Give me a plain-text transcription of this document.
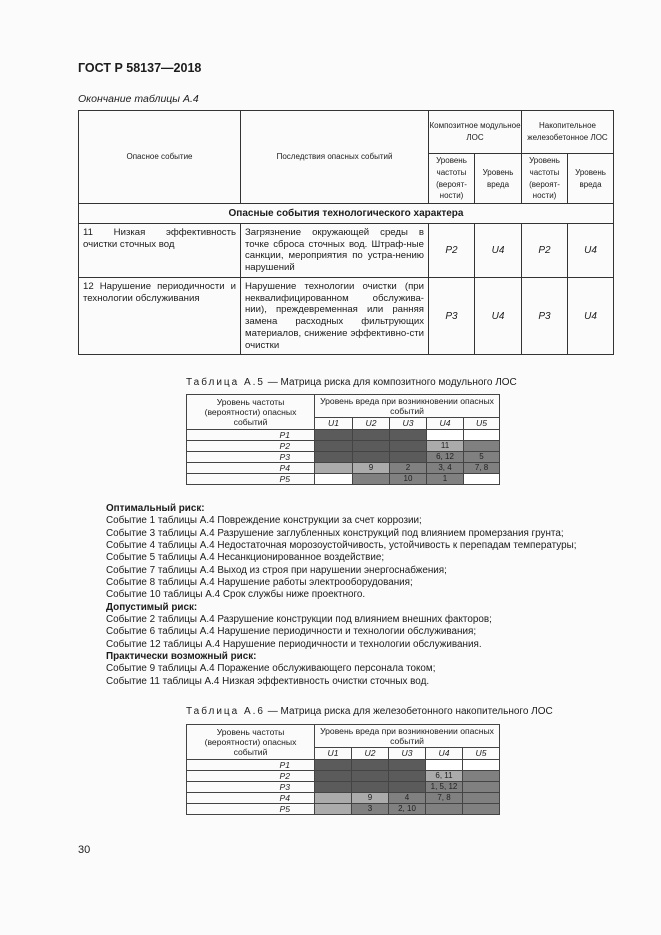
ГОСТ Р 58137—2018
Окончание таблицы А.4
Опасное событие	Последствия опасных событий	Композитное модульное ЛОС		Накопительное железобетонное ЛОС	
		Уровень частоты (вероят-ности)	Уровень вреда	Уровень частоты (вероят-ности)	Уровень вреда
Опасные события технологического характера					
11 Низкая эффективность очистки сточных вод	Загрязнение окружающей среды в точке сброса сточных вод. Штраф-ные санкции, мероприятия по устра-нению нарушений	P2	U4	P2	U4
12 Нарушение периодичности и технологии обслуживания	Нарушение технологии очистки (при неквалифицированном обслужива-нии), преждевременная или ранняя замена расходных фильтрующих материалов, снижение эффективно-сти очистки	P3	U4	P3	U4
Таблица А.5 — Матрица риска для композитного модульного ЛОС
Уровень частоты (вероятности) опасных событий	Уровень вреда при возникновении опасных событий				
	U1	U2	U3	U4	U5
P1					
P2				11	
P3				6, 12	5
P4		9	2	3, 4	7, 8
P5			10	1	
Оптимальный риск:
Событие 1 таблицы А.4 Повреждение конструкции за счет коррозии;
Событие 3 таблицы А.4 Разрушение заглубленных конструкций под влиянием промерзания грунта;
Событие 4 таблицы А.4 Недостаточная морозоустойчивость, устойчивость к перепадам температуры;
Событие 5 таблицы А.4 Несанкционированное воздействие;
Событие 7 таблицы А.4 Выход из строя при нарушении энергоснабжения;
Событие 8 таблицы А.4 Нарушение работы электрооборудования;
Событие 10 таблицы А.4 Срок службы ниже проектного.
Допустимый риск:
Событие 2 таблицы А.4 Разрушение конструкции под влиянием внешних факторов;
Событие 6 таблицы А.4 Нарушение периодичности и технологии обслуживания;
Событие 12 таблицы А.4 Нарушение периодичности и технологии обслуживания.
Практически возможный риск:
Событие 9 таблицы А.4 Поражение обслуживающего персонала током;
Событие 11 таблицы А.4 Низкая эффективность очистки сточных вод.
Таблица А.6 — Матрица риска для железобетонного накопительного ЛОС
Уровень частоты (вероятности) опасных событий	Уровень вреда при возникновении опасных событий				
	U1	U2	U3	U4	U5
P1					
P2				6, 11	
P3				1, 5, 12	
P4		9	4	7, 8	
P5		3	2, 10		
30
